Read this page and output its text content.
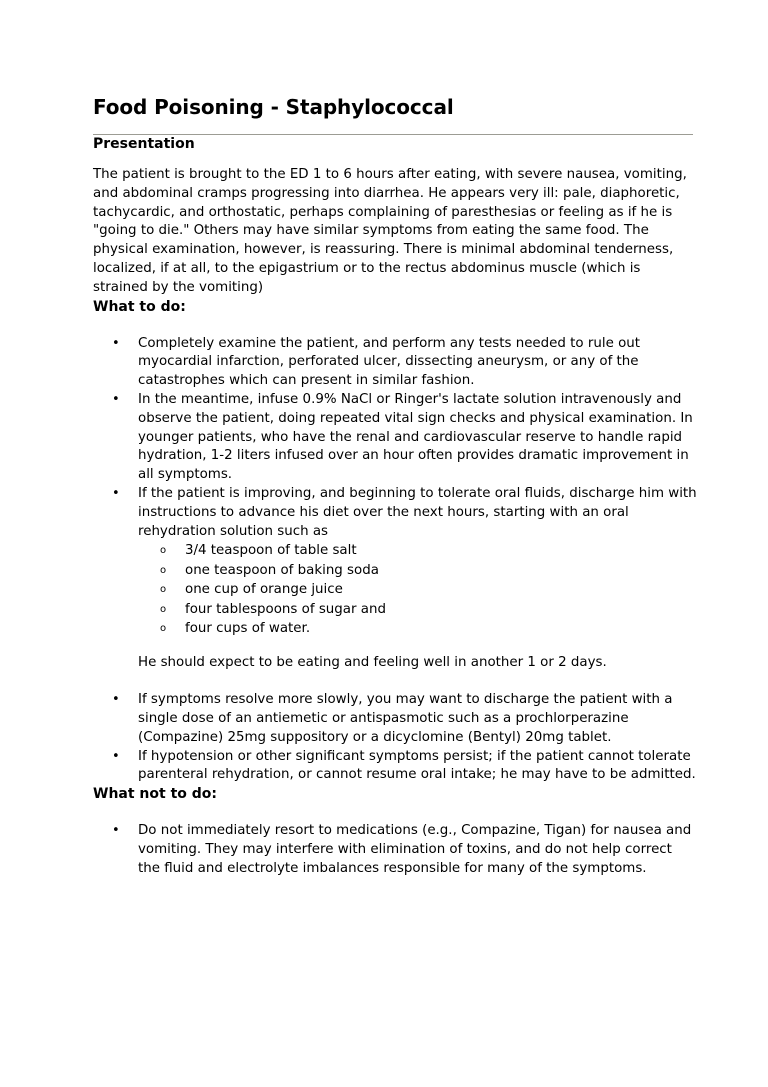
Food Poisoning - Staphylococcal
Presentation

The patient is brought to the ED 1 to 6 hours after eating, with severe nausea, vomiting, and abdominal cramps progressing into diarrhea. He appears very ill: pale, diaphoretic, tachycardic, and orthostatic, perhaps complaining of paresthesias or feeling as if he is "going to die." Others may have similar symptoms from eating the same food. The physical examination, however, is reassuring. There is minimal abdominal tenderness, localized, if at all, to the epigastrium or to the rectus abdominus muscle (which is strained by the vomiting)

What to do:
• Completely examine the patient, and perform any tests needed to rule out myocardial infarction, perforated ulcer, dissecting aneurysm, or any of the catastrophes which can present in similar fashion.
• In the meantime, infuse 0.9% NaCl or Ringer's lactate solution intravenously and observe the patient, doing repeated vital sign checks and physical examination. In younger patients, who have the renal and cardiovascular reserve to handle rapid hydration, 1-2 liters infused over an hour often provides dramatic improvement in all symptoms.
• If the patient is improving, and beginning to tolerate oral fluids, discharge him with instructions to advance his diet over the next hours, starting with an oral rehydration solution such as
o 3/4 teaspoon of table salt
o one teaspoon of baking soda
o one cup of orange juice
o four tablespoons of sugar and
o four cups of water.

He should expect to be eating and feeling well in another 1 or 2 days.

• If symptoms resolve more slowly, you may want to discharge the patient with a single dose of an antiemetic or antispasmotic such as a prochlorperazine (Compazine) 25mg suppository or a dicyclomine (Bentyl) 20mg tablet.
• If hypotension or other significant symptoms persist; if the patient cannot tolerate parenteral rehydration, or cannot resume oral intake; he may have to be admitted.
What not to do:
• Do not immediately resort to medications (e.g., Compazine, Tigan) for nausea and vomiting. They may interfere with elimination of toxins, and do not help correct the fluid and electrolyte imbalances responsible for many of the symptoms.
